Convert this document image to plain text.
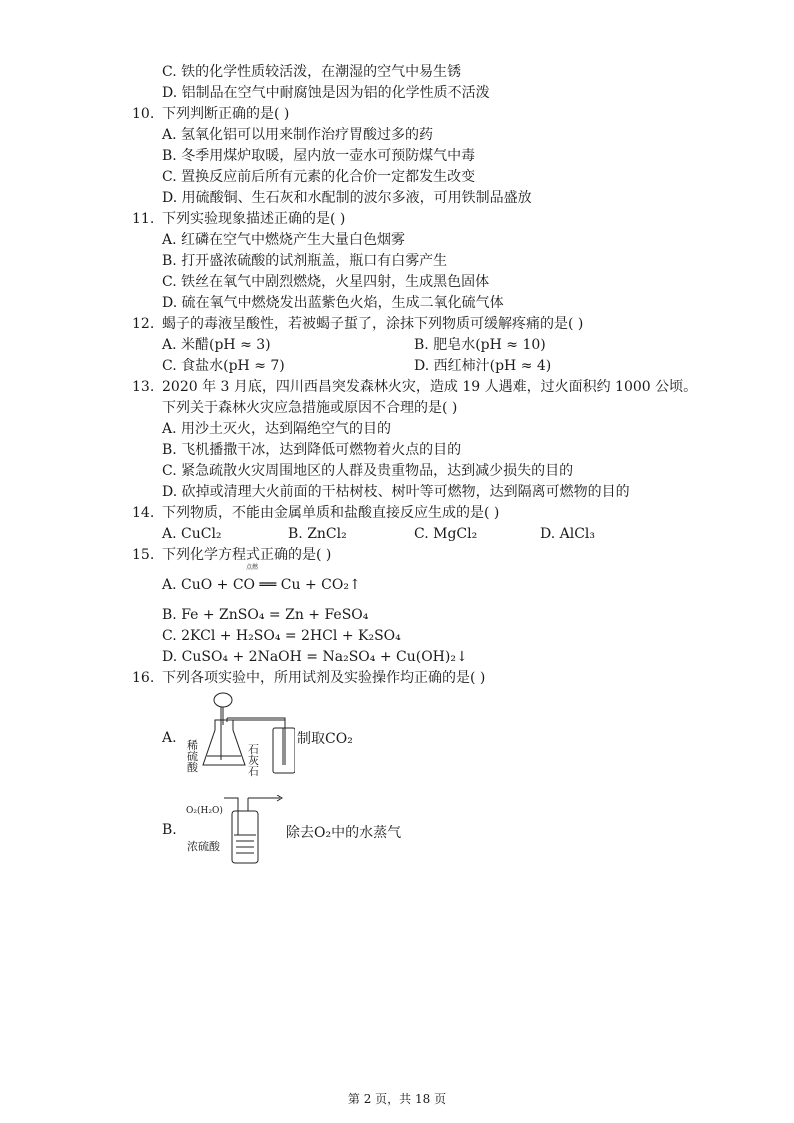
C. 铁的化学性质较活泼，在潮湿的空气中易生锈
D. 铝制品在空气中耐腐蚀是因为铝的化学性质不活泼
10. 下列判断正确的是( )
A. 氢氧化铝可以用来制作治疗胃酸过多的药
B. 冬季用煤炉取暖，屋内放一壶水可预防煤气中毒
C. 置换反应前后所有元素的化合价一定都发生改变
D. 用硫酸铜、生石灰和水配制的波尔多液，可用铁制品盛放
11. 下列实验现象描述正确的是( )
A. 红磷在空气中燃烧产生大量白色烟雾
B. 打开盛浓硫酸的试剂瓶盖，瓶口有白雾产生
C. 铁丝在氧气中剧烈燃烧，火星四射，生成黑色固体
D. 硫在氧气中燃烧发出蓝紫色火焰，生成二氧化硫气体
12. 蝎子的毒液呈酸性，若被蝎子蜇了，涂抹下列物质可缓解疼痛的是( )
A. 米醋(pH ≈ 3)	B. 肥皂水(pH ≈ 10)
C. 食盐水(pH ≈ 7)	D. 西红柿汁(pH ≈ 4)
13. 2020 年 3 月底，四川西昌突发森林火灾，造成 19 人遇难，过火面积约 1000 公顷。
下列关于森林火灾应急措施或原因不合理的是( )
A. 用沙土灭火，达到隔绝空气的目的
B. 飞机播撒干冰，达到降低可燃物着火点的目的
C. 紧急疏散火灾周围地区的人群及贵重物品，达到减少损失的目的
D. 砍掉或清理大火前面的干枯树枝、树叶等可燃物，达到隔离可燃物的目的
14. 下列物质，不能由金属单质和盐酸直接反应生成的是( )
A. CuCl₂	B. ZnCl₂	C. MgCl₂	D. AlCl₃
15. 下列化学方程式正确的是( )
A. CuO + CO ══ Cu + CO₂↑
B. Fe + ZnSO₄ = Zn + FeSO₄
C. 2KCl + H₂SO₄ = 2HCl + K₂SO₄
D. CuSO₄ + 2NaOH = Na₂SO₄ + Cu(OH)₂↓
16. 下列各项实验中，所用试剂及实验操作均正确的是( )
点燃
A. 稀
硫
酸
石
灰
石
制取CO₂
B.
O₂(H₂O)
浓硫酸
除去O₂中的水蒸气
第 2 页，共 18 页
